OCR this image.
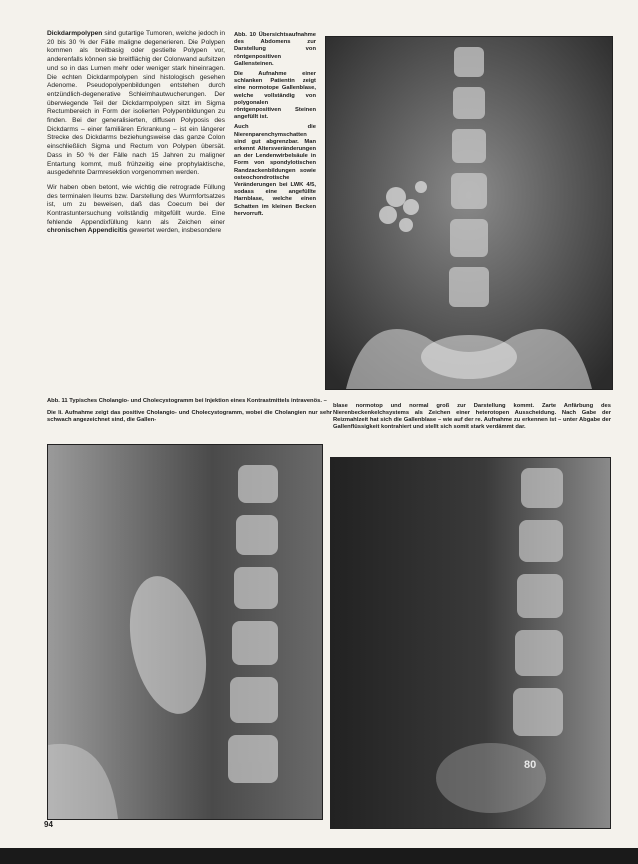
Dickdarmpolypen sind gutartige Tumoren, welche jedoch in 20 bis 30 % der Fälle maligne degenerieren. Die Polypen kommen als breitbasig oder gestielte Polypen vor, anderenfalls können sie breitflächig der Colonwand aufsitzen und so in das Lumen mehr oder weniger stark hineinragen. Die echten Dickdarmpolypen sind histologisch gesehen Adenome. Pseudopolypenbildungen entstehen durch entzündlich-degenerative Schleimhautwucherungen. Der überwiegende Teil der Dickdarmpolypen sitzt im Sigma Rectumbereich in Form der isolierten Polypenbildungen zu finden. Bei der generalisierten, diffusen Polyposis des Dickdarms – einer familiären Erkrankung – ist ein längerer Strecke des Dickdarms beziehungsweise das ganze Colon einschließlich Sigma und Rectum von Polypen übersät. Dass in 50 % der Fälle nach 15 Jahren zu maligner Entartung kommt, muß frühzeitig eine prophylaktische, ausgedehnte Darmresektion vorgenommen werden.

Wir haben oben betont, wie wichtig die retrograde Füllung des terminalen Ileums bzw. Darstellung des Wurmfortsatzes ist, um zu beweisen, daß das Coecum bei der Kontrastuntersuchung vollständig mitgefüllt wurde. Eine fehlende Appendixfüllung kann als Zeichen einer chronischen Appendicitis gewertet werden, insbesondere

Abb. 10 Übersichtsaufnahme des Abdomens zur Darstellung von röntgenpositiven Gallensteinen.

Die Aufnahme einer schlanken Patientin zeigt eine normotope Gallenblase, welche vollständig von polygonalen röntgenpositiven Steinen angefüllt ist.

Auch die Nierenparenchymschatten sind gut abgrenzbar. Man erkennt Altersveränderungen an der Lendenwirbelsäule in Form von spondylotischen Randzackenbildungen sowie osteochondrotische Veränderungen bei LWK 4/5, sodass eine angefüllte Harnblase, welche einen Schatten im kleinen Becken hervorruft.

Abb. 11 Typisches Cholangio- und Cholecystogramm bei Injektion eines Kontrastmittels intravenös. –

Die li. Aufnahme zeigt das positive Cholangio- und Cholecystogramm, wobei die Cholangien nur sehr schwach angezeichnet sind, die Gallen-

blase normotop und normal groß zur Darstellung kommt. Zarte Anfärbung des Nierenbeckenkelchsystems als Zeichen einer heterotopen Ausscheidung. Nach Gabe der Reizmahlzeit hat sich die Gallenblase – wie auf der re. Aufnahme zu erkennen ist – unter Abgabe der Gallenflüssigkeit kontrahiert und stellt sich somit stark verdämmt dar.
80
94
